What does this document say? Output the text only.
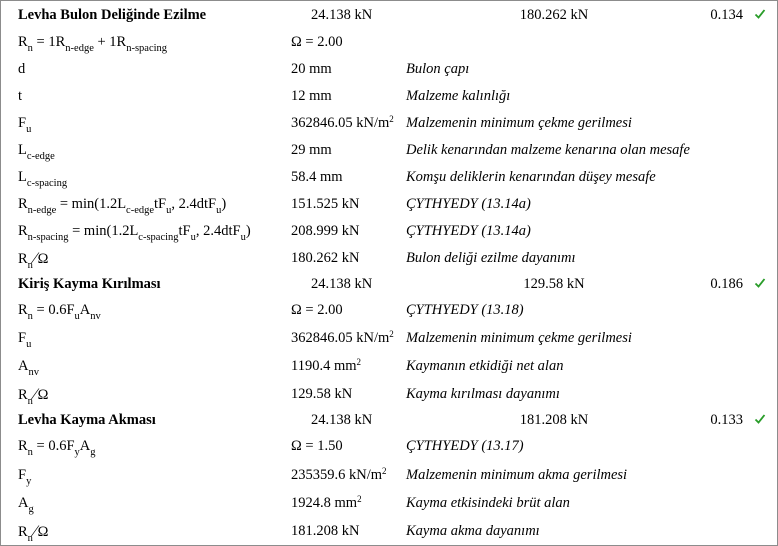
Levha Bulon Deliğinde Ezilme	24.138 kN	180.262 kN	0.134
$R_n = 1R_{n-edge} + 1R_{n-spacing}$	Ω = 2.00
d	20 mm	Bulon çapı
t	12 mm	Malzeme kalınlığı
$F_u$	362846.05 $kN/m^2$ Malzemenin minimum çekme gerilmesi
$L_{c-edge}$	29 mm	Delik kenarından malzeme kenarına olan mesafe
$L_{c-spacing}$	58.4 mm	Komşu deliklerin kenarından düşey mesafe
$R_{n-edge} = \min(1.2L_{c-edge}tF_u$, 2.4dtF$_u$)	151.525 kN	ÇYTHYEDY (13.14a)
$R_{n-spacing} = \min(1.2L_{c-spacing}tF_u$, 2.4dtF$_u$)	208.999 kN	ÇYTHYEDY (13.14a)
$R_n⁄\Omega$	180.262 kN	Bulon deliği ezilme dayanımı
Kiriş Kayma Kırılması	24.138 kN	129.58 kN	0.186
$R_n = 0.6F_uA_{nv}$	Ω = 2.00	ÇYTHYEDY (13.18)
$F_u$	362846.05 $kN/m^2$ Malzemenin minimum çekme gerilmesi
$A_{nv}$	1190.4 $mm^2$	Kaymanın etkidiği net alan
$R_n⁄\Omega$	129.58 kN	Kayma kırılması dayanımı
Levha Kayma Akması	24.138 kN	181.208 kN	0.133
$R_n = 0.6F_yA_g$	Ω = 1.50	ÇYTHYEDY (13.17)
$F_y$	235359.6 $kN/m^2$ Malzemenin minimum akma gerilmesi
$A_g$	1924.8 $mm^2$	Kayma etkisindeki brüt alan
$R_n⁄\Omega$	181.208 kN	Kayma akma dayanımı
